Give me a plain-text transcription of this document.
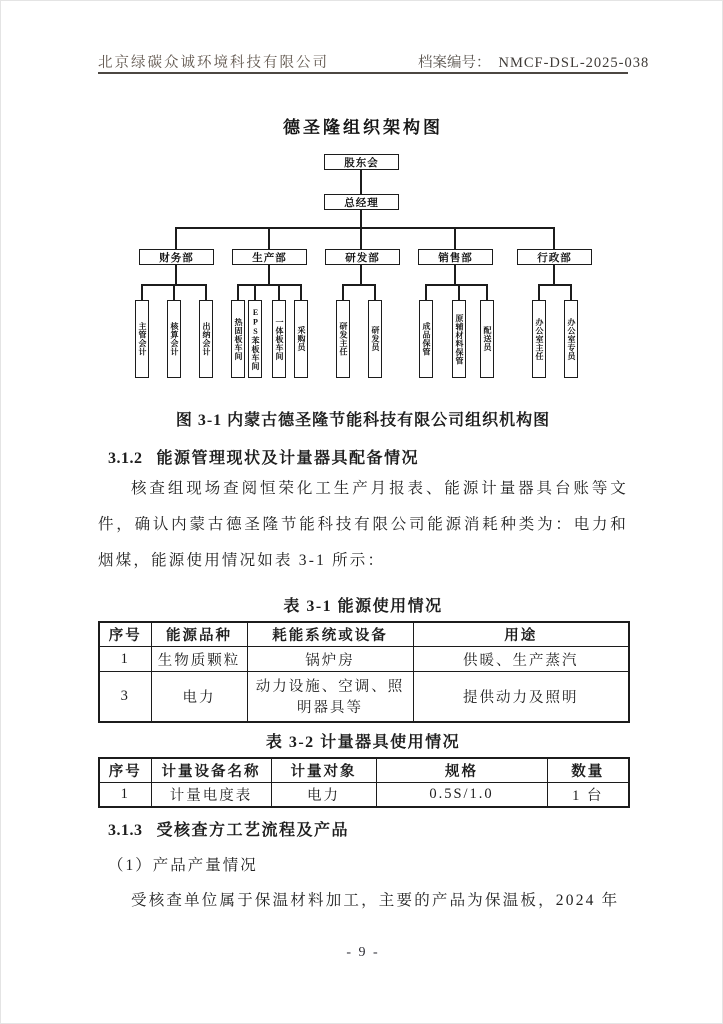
北京绿碳众诚环境科技有限公司	档案编号： NMCF-DSL-2025-038
德圣隆组织架构图
股东会
总经理
财务部	生产部	研发部	销售部	行政部
主管会计	核算会计	出纳会计	热固板车间	EPS苯板车间	一体板车间	采购员	研发主任	研发员	成品保管	原辅材料保管	配送员	办公室主任	办公室专员
图 3-1 内蒙古德圣隆节能科技有限公司组织机构图
3.1.2 能源管理现状及计量器具配备情况
核查组现场查阅恒荣化工生产月报表、能源计量器具台账等文件，确认内蒙古德圣隆节能科技有限公司能源消耗种类为：电力和烟煤，能源使用情况如表 3-1 所示：
表 3-1 能源使用情况
序号	能源品种	耗能系统或设备	用途
1	生物质颗粒	锅炉房	供暖、生产蒸汽
3	电力	动力设施、空调、照明器具等	提供动力及照明
表 3-2 计量器具使用情况
序号	计量设备名称	计量对象	规格	数量
1	计量电度表	电力	0.5S/1.0	1 台
3.1.3 受核查方工艺流程及产品
（1）产品产量情况
受核查单位属于保温材料加工，主要的产品为保温板，2024 年
- 9 -
